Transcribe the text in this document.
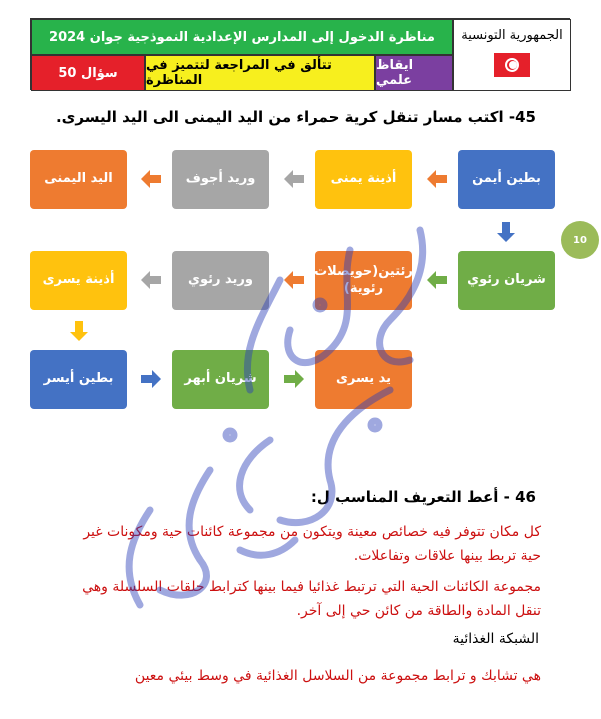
مناظرة الدخول إلى المدارس الإعدادية النموذجية جوان 2024	الجمهورية التونسية
50 سؤال	تتألق في المراجعة لتتميز في المناظرة
ايقاظ علمي
45- اكتب مسار تنقل كرية حمراء من اليد اليمنى الى اليد اليسرى.
بطين أيمن
أذينة يمنى
وريد أجوف
اليد اليمنى
شريان رئوي
رئتين(حويصلات رئوية)
وريد رئوي
أذينة يسرى
بطين أيسر	شريان أبهر	يد يسرى
10
46 - أعط التعريف المناسب ل:
كل مكان تتوفر فيه خصائص معينة ويتكون من مجموعة كائنات حية ومكونات غير حية تربط بينها علاقات وتفاعلات.
مجموعة الكائنات الحية التي ترتبط غذائيا فيما بينها كترابط حلقات السلسلة وهي تنقل المادة والطاقة من كائن حي إلى آخر.
الشبكة الغذائية
هي تشابك و ترابط مجموعة من السلاسل الغذائية في وسط بيئي معين
